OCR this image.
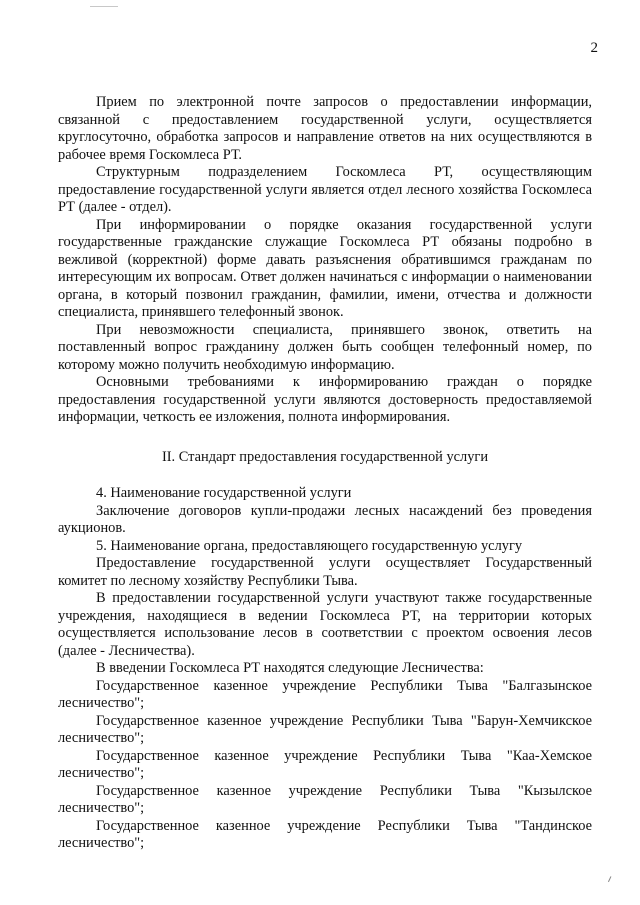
2

Прием по электронной почте запросов о предоставлении информации, связанной с предоставлением государственной услуги, осуществляется круглосуточно, обработка запросов и направление ответов на них осуществляются в рабочее время Госкомлеса РТ.

Структурным подразделением Госкомлеса РТ, осуществляющим предоставление государственной услуги является отдел лесного хозяйства Госкомлеса РТ (далее - отдел).

При информировании о порядке оказания государственной услуги государственные гражданские служащие Госкомлеса РТ обязаны подробно в вежливой (корректной) форме давать разъяснения обратившимся гражданам по интересующим их вопросам. Ответ должен начинаться с информации о наименовании органа, в который позвонил гражданин, фамилии, имени, отчества и должности специалиста, принявшего телефонный звонок.

При невозможности специалиста, принявшего звонок, ответить на поставленный вопрос гражданину должен быть сообщен телефонный номер, по которому можно получить необходимую информацию.

Основными требованиями к информированию граждан о порядке предоставления государственной услуги являются достоверность предоставляемой информации, четкость ее изложения, полнота информирования.

II. Стандарт предоставления государственной услуги

4. Наименование государственной услуги

Заключение договоров купли-продажи лесных насаждений без проведения аукционов.

5. Наименование органа, предоставляющего государственную услугу

Предоставление государственной услуги осуществляет Государственный комитет по лесному хозяйству Республики Тыва.

В предоставлении государственной услуги участвуют также государственные учреждения, находящиеся в ведении Госкомлеса РТ, на территории которых осуществляется использование лесов в соответствии с проектом освоения лесов (далее - Лесничества).

В введении Госкомлеса РТ находятся следующие Лесничества:

Государственное казенное учреждение Республики Тыва "Балгазынское лесничество";

Государственное казенное учреждение Республики Тыва "Барун-Хемчикское лесничество";

Государственное казенное учреждение Республики Тыва "Каа-Хемское лесничество";

Государственное казенное учреждение Республики Тыва "Кызылское лесничество";

Государственное казенное учреждение Республики Тыва "Тандинское лесничество";
